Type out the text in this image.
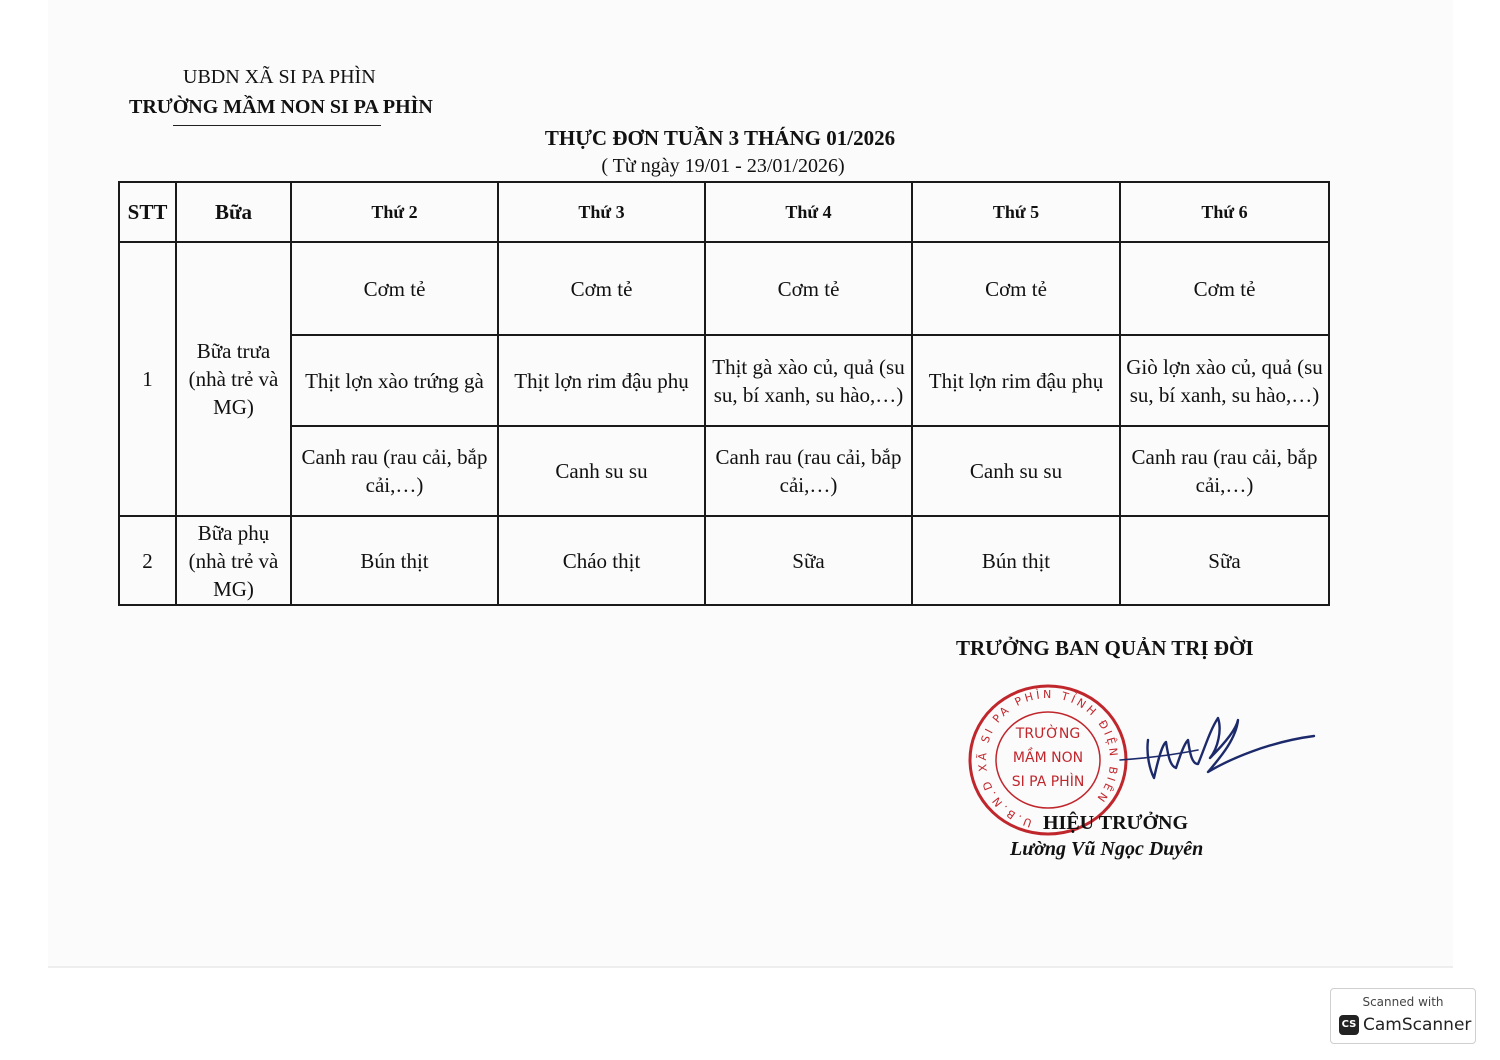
UBDN XÃ SI PA PHÌN
TRƯỜNG MẦM NON SI PA PHÌN
THỰC ĐƠN TUẦN 3 THÁNG 01/2026
( Từ ngày 19/01 - 23/01/2026)
STT	Bữa	Thứ 2	Thứ 3	Thứ 4	Thứ 5	Thứ 6
1	Bữa trưa (nhà trẻ và MG)	Cơm tẻ	Cơm tẻ	Cơm tẻ	Cơm tẻ	Cơm tẻ
		Thịt lợn xào trứng gà	Thịt lợn rim đậu phụ	Thịt gà xào củ, quả (su su, bí xanh, su hào,…)	Thịt lợn rim đậu phụ	Giò lợn xào củ, quả (su su, bí xanh, su hào,…)
		Canh rau (rau cải, bắp cải,…)	Canh su su	Canh rau (rau cải, bắp cải,…)	Canh su su	Canh rau (rau cải, bắp cải,…)
2	Bữa phụ (nhà trẻ và MG)	Bún thịt	Cháo thịt	Sữa	Bún thịt	Sữa
TRƯỞNG BAN QUẢN TRỊ ĐỜI
U.B.N.D XÃ SI PA PHÌN TỈNH ĐIỆN BIÊN
TRƯỜNG
MẦM NON
SI PA PHÌN
HIỆU TRƯỞNG
Lường Vũ Ngọc Duyên
Scanned with
CS CamScanner
